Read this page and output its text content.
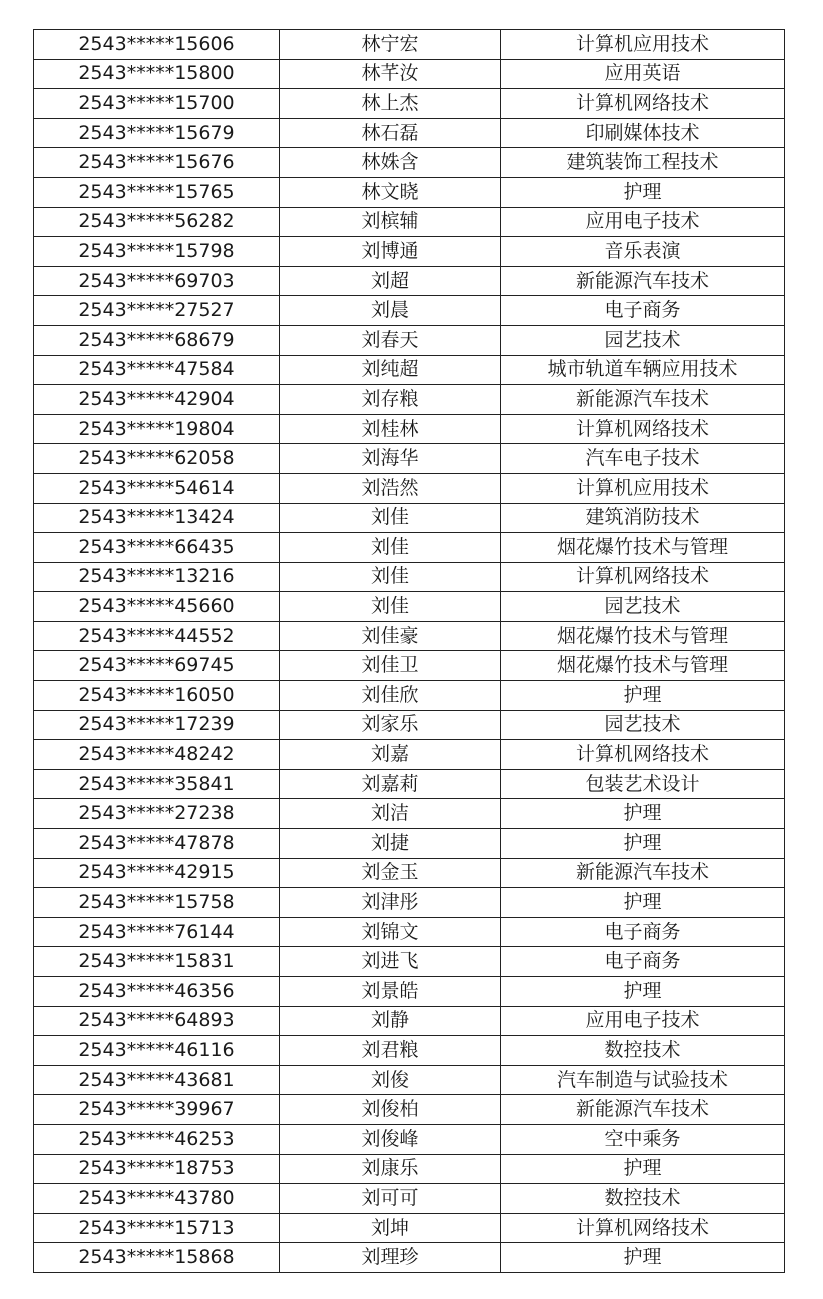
2543*****15606	林宁宏	计算机应用技术
2543*****15800	林芊汝	应用英语
2543*****15700	林上杰	计算机网络技术
2543*****15679	林石磊	印刷媒体技术
2543*****15676	林姝含	建筑装饰工程技术
2543*****15765	林文晓	护理
2543*****56282	刘槟辅	应用电子技术
2543*****15798	刘博通	音乐表演
2543*****69703	刘超	新能源汽车技术
2543*****27527	刘晨	电子商务
2543*****68679	刘春天	园艺技术
2543*****47584	刘纯超	城市轨道车辆应用技术
2543*****42904	刘存粮	新能源汽车技术
2543*****19804	刘桂林	计算机网络技术
2543*****62058	刘海华	汽车电子技术
2543*****54614	刘浩然	计算机应用技术
2543*****13424	刘佳	建筑消防技术
2543*****66435	刘佳	烟花爆竹技术与管理
2543*****13216	刘佳	计算机网络技术
2543*****45660	刘佳	园艺技术
2543*****44552	刘佳豪	烟花爆竹技术与管理
2543*****69745	刘佳卫	烟花爆竹技术与管理
2543*****16050	刘佳欣	护理
2543*****17239	刘家乐	园艺技术
2543*****48242	刘嘉	计算机网络技术
2543*****35841	刘嘉莉	包装艺术设计
2543*****27238	刘洁	护理
2543*****47878	刘捷	护理
2543*****42915	刘金玉	新能源汽车技术
2543*****15758	刘津彤	护理
2543*****76144	刘锦文	电子商务
2543*****15831	刘进飞	电子商务
2543*****46356	刘景皓	护理
2543*****64893	刘静	应用电子技术
2543*****46116	刘君粮	数控技术
2543*****43681	刘俊	汽车制造与试验技术
2543*****39967	刘俊柏	新能源汽车技术
2543*****46253	刘俊峰	空中乘务
2543*****18753	刘康乐	护理
2543*****43780	刘可可	数控技术
2543*****15713	刘坤	计算机网络技术
2543*****15868	刘理珍	护理
